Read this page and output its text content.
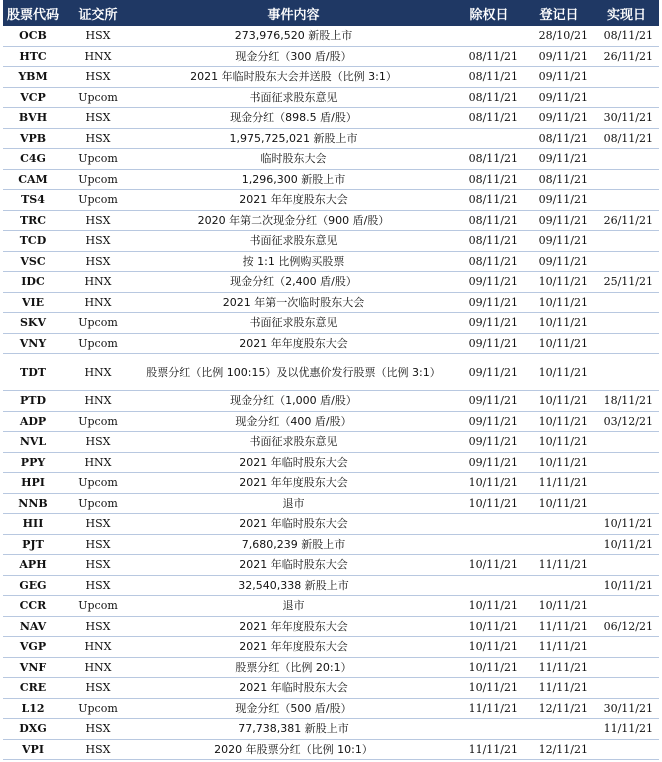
股票代码	证交所	事件内容	除权日	登记日	实现日
OCB	HSX	273,976,520 新股上市		28/10/21	08/11/21
HTC	HNX	现金分红（300 盾/股）	08/11/21	09/11/21	26/11/21
YBM	HSX	2021 年临时股东大会并送股（比例 3:1）	08/11/21	09/11/21	
VCP	Upcom	书面征求股东意见	08/11/21	09/11/21	
BVH	HSX	现金分红（898.5 盾/股）	08/11/21	09/11/21	30/11/21
VPB	HSX	1,975,725,021 新股上市		08/11/21	08/11/21
C4G	Upcom	临时股东大会	08/11/21	09/11/21	
CAM	Upcom	1,296,300 新股上市	08/11/21	08/11/21	
TS4	Upcom	2021 年年度股东大会	08/11/21	09/11/21	
TRC	HSX	2020 年第二次现金分红（900 盾/股）	08/11/21	09/11/21	26/11/21
TCD	HSX	书面征求股东意见	08/11/21	09/11/21	
VSC	HSX	按 1:1 比例购买股票	08/11/21	09/11/21	
IDC	HNX	现金分红（2,400 盾/股）	09/11/21	10/11/21	25/11/21
VIE	HNX	2021 年第一次临时股东大会	09/11/21	10/11/21	
SKV	Upcom	书面征求股东意见	09/11/21	10/11/21	
VNY	Upcom	2021 年年度股东大会	09/11/21	10/11/21	
TDT	HNX	股票分红（比例 100:15）及以优惠价发行股票（比例 3:1）	09/11/21	10/11/21	
PTD	HNX	现金分红（1,000 盾/股）	09/11/21	10/11/21	18/11/21
ADP	Upcom	现金分红（400 盾/股）	09/11/21	10/11/21	03/12/21
NVL	HSX	书面征求股东意见	09/11/21	10/11/21	
PPY	HNX	2021 年临时股东大会	09/11/21	10/11/21	
HPI	Upcom	2021 年年度股东大会	10/11/21	11/11/21	
NNB	Upcom	退市	10/11/21	10/11/21	
HII	HSX	2021 年临时股东大会			10/11/21
PJT	HSX	7,680,239 新股上市			10/11/21
APH	HSX	2021 年临时股东大会	10/11/21	11/11/21	
GEG	HSX	32,540,338 新股上市			10/11/21
CCR	Upcom	退市	10/11/21	10/11/21	
NAV	HSX	2021 年年度股东大会	10/11/21	11/11/21	06/12/21
VGP	HNX	2021 年年度股东大会	10/11/21	11/11/21	
VNF	HNX	股票分红（比例 20:1）	10/11/21	11/11/21	
CRE	HSX	2021 年临时股东大会	10/11/21	11/11/21	
L12	Upcom	现金分红（500 盾/股）	11/11/21	12/11/21	30/11/21
DXG	HSX	77,738,381 新股上市			11/11/21
VPI	HSX	2020 年股票分红（比例 10:1）	11/11/21	12/11/21	
